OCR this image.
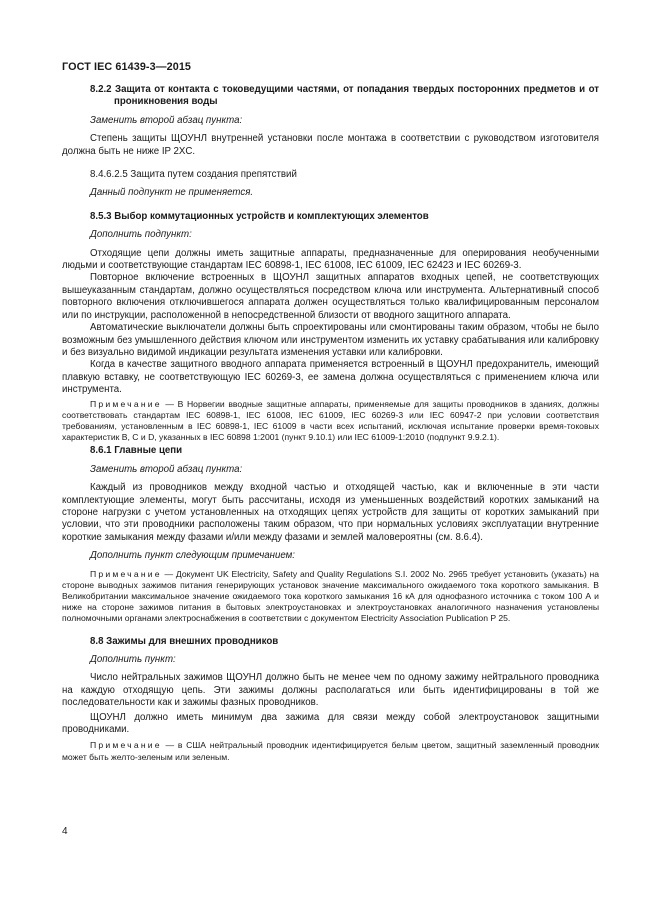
ГОСТ IEC 61439-3—2015

8.2.2 Защита от контакта с токоведущими частями, от попадания твердых посторонних предметов и от проникновения воды

Заменить второй абзац пункта:

Степень защиты ЩОУНЛ внутренней установки после монтажа в соответствии с руководством изготовителя должна быть не ниже IP 2XC.

8.4.6.2.5 Защита путем создания препятствий

Данный подпункт не применяется.

8.5.3 Выбор коммутационных устройств и комплектующих элементов

Дополнить подпункт:

Отходящие цепи должны иметь защитные аппараты, предназначенные для оперирования необученными людьми и соответствующие стандартам IEC 60898-1, IEC 61008, IEC 61009, IEC 62423 и IEC 60269-3.

Повторное включение встроенных в ЩОУНЛ защитных аппаратов входных цепей, не соответствующих вышеуказанным стандартам, должно осуществляться посредством ключа или инструмента. Альтернативный способ повторного включения отключившегося аппарата должен осуществляться только квалифицированным персоналом или по инструкции, расположенной в непосредственной близости от вводного защитного аппарата.

Автоматические выключатели должны быть спроектированы или смонтированы таким образом, чтобы не было возможным без умышленного действия ключом или инструментом изменить их уставку срабатывания или калибровку и без визуально видимой индикации результата изменения уставки или калибровки.

Когда в качестве защитного вводного аппарата применяется встроенный в ЩОУНЛ предохранитель, имеющий плавкую вставку, не соответствующую IEC 60269-3, ее замена должна осуществляться с применением ключа или инструмента.

Примечание — В Норвегии вводные защитные аппараты, применяемые для защиты проводников в зданиях, должны соответствовать стандартам IEC 60898-1, IEC 61008, IEC 61009, IEC 60269-3 или IEC 60947-2 при условии соответствия требованиям, установленным в IEC 60898-1, IEC 61009 в части всех испытаний, исключая испытание проверки время-токовых характеристик B, C и D, указанных в IEC 60898 1:2001 (пункт 9.10.1) или IEC 61009-1:2010 (подпункт 9.9.2.1).

8.6.1 Главные цепи

Заменить второй абзац пункта:

Каждый из проводников между входной частью и отходящей частью, как и включенные в эти части комплектующие элементы, могут быть рассчитаны, исходя из уменьшенных воздействий коротких замыканий на стороне нагрузки с учетом установленных на отходящих цепях устройств для защиты от коротких замыканий при условии, что эти проводники расположены таким образом, что при нормальных условиях эксплуатации внутренние короткие замыкания между фазами и/или между фазами и землей маловероятны (см. 8.6.4).

Дополнить пункт следующим примечанием:

Примечание — Документ UK Electricity, Safety and Quality Regulations S.I. 2002 No. 2965 требует установить (указать) на стороне выводных зажимов питания генерирующих установок значение максимального ожидаемого тока короткого замыкания. В Великобритании максимальное значение ожидаемого тока короткого замыкания 16 кА для однофазного источника с током 100 А и ниже на стороне зажимов питания в бытовых электроустановках и электроустановках аналогичного назначения установлены полномочными органами электроснабжения в соответствии с документом Electricity Association Publication P 25.

8.8 Зажимы для внешних проводников

Дополнить пункт:

Число нейтральных зажимов ЩОУНЛ должно быть не менее чем по одному зажиму нейтрального проводника на каждую отходящую цепь. Эти зажимы должны располагаться или быть идентифицированы в той же последовательности как и зажимы фазных проводников.

ЩОУНЛ должно иметь минимум два зажима для связи между собой электроустановок защитными проводниками.

Примечание — в США нейтральный проводник идентифицируется белым цветом, защитный заземленный проводник может быть желто-зеленым или зеленым.

4
